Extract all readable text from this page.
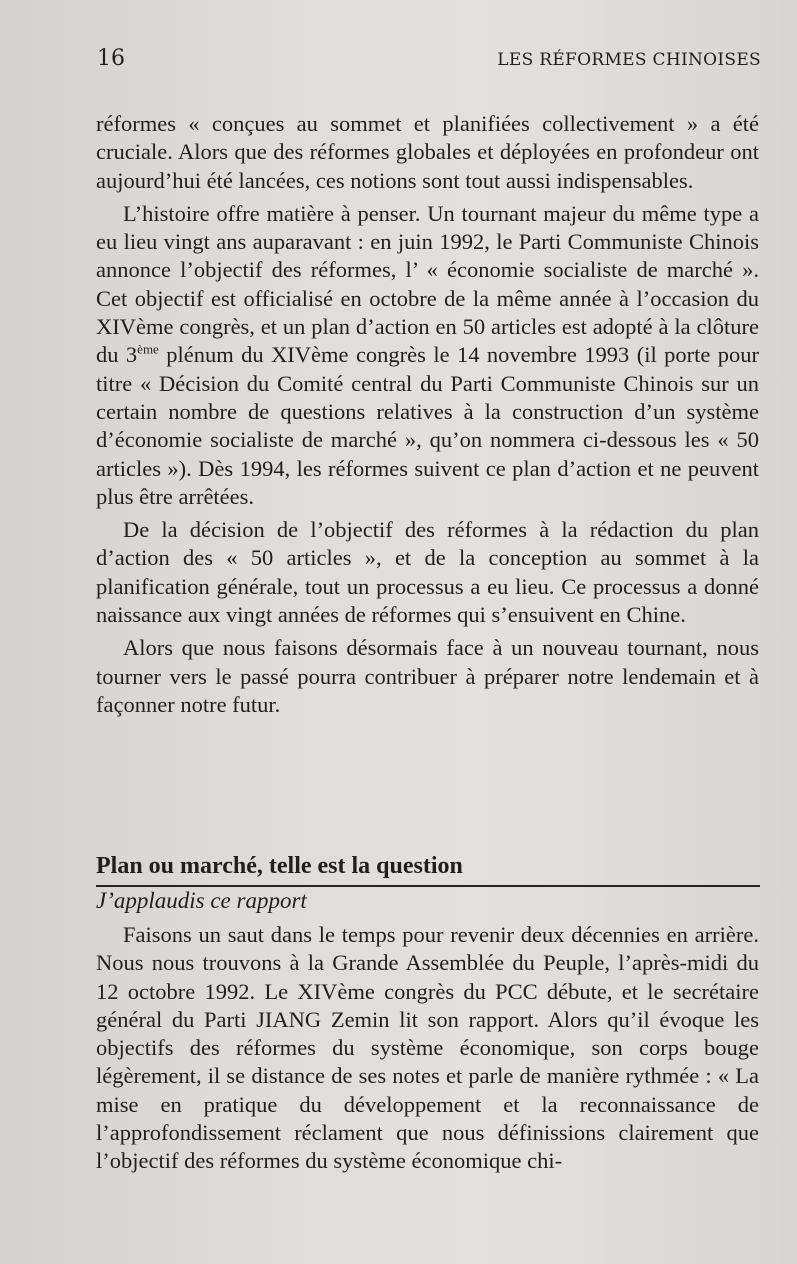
16	LES RÉFORMES CHINOISES

réformes « conçues au sommet et planifiées collectivement » a été cruciale. Alors que des réformes globales et déployées en profondeur ont aujourd’hui été lancées, ces notions sont tout aussi indispensables.

L’histoire offre matière à penser. Un tournant majeur du même type a eu lieu vingt ans auparavant : en juin 1992, le Parti Communiste Chinois annonce l’objectif des réformes, l’ « économie socialiste de marché ». Cet objectif est officialisé en octobre de la même année à l’occasion du XIVème congrès, et un plan d’action en 50 articles est adopté à la clôture du 3ème plénum du XIVème congrès le 14 novembre 1993 (il porte pour titre « Décision du Comité central du Parti Communiste Chinois sur un certain nombre de questions relatives à la construction d’un système d’économie socialiste de marché », qu’on nommera ci-dessous les « 50 articles »). Dès 1994, les réformes suivent ce plan d’action et ne peuvent plus être arrêtées.

De la décision de l’objectif des réformes à la rédaction du plan d’action des « 50 articles », et de la conception au sommet à la planification générale, tout un processus a eu lieu. Ce processus a donné naissance aux vingt années de réformes qui s’ensuivent en Chine.

Alors que nous faisons désormais face à un nouveau tournant, nous tourner vers le passé pourra contribuer à préparer notre lendemain et à façonner notre futur.

Plan ou marché, telle est la question
J’applaudis ce rapport

Faisons un saut dans le temps pour revenir deux décennies en arrière. Nous nous trouvons à la Grande Assemblée du Peuple, l’après-midi du 12 octobre 1992. Le XIVème congrès du PCC débute, et le secrétaire général du Parti JIANG Zemin lit son rapport. Alors qu’il évoque les objectifs des réformes du système économique, son corps bouge légèrement, il se distance de ses notes et parle de manière rythmée : « La mise en pratique du développement et la reconnaissance de l’approfondissement réclament que nous définissions clairement que l’objectif des réformes du système économique chi-
